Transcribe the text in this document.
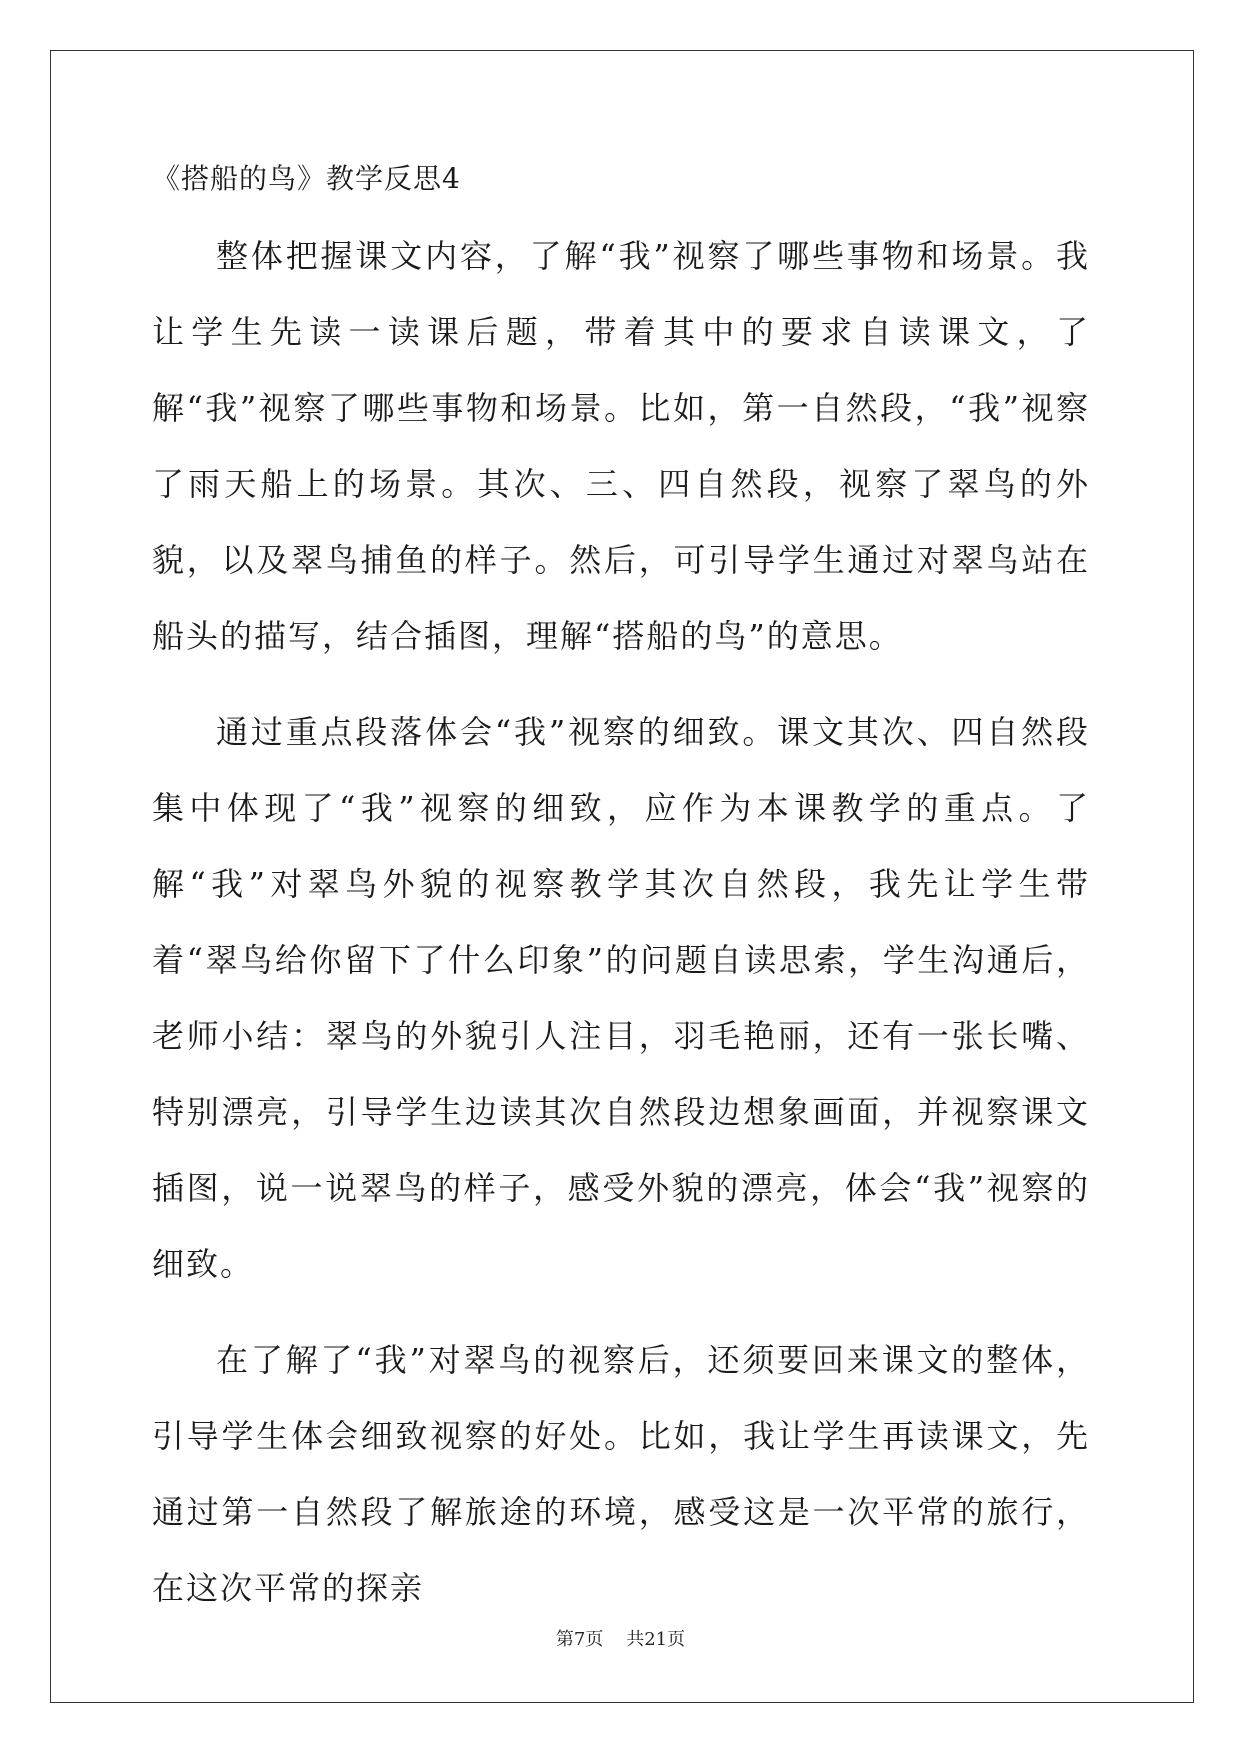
《搭船的鸟》教学反思4

整体把握课文内容，了解“我”视察了哪些事物和场景。我让学生先读一读课后题，带着其中的要求自读课文，了解“我”视察了哪些事物和场景。比如，第一自然段，“我”视察了雨天船上的场景。其次、三、四自然段，视察了翠鸟的外貌，以及翠鸟捕鱼的样子。然后，可引导学生通过对翠鸟站在船头的描写，结合插图，理解“搭船的鸟”的意思。

通过重点段落体会“我”视察的细致。课文其次、四自然段集中体现了“我”视察的细致，应作为本课教学的重点。了解“我”对翠鸟外貌的视察教学其次自然段，我先让学生带着“翠鸟给你留下了什么印象”的问题自读思索，学生沟通后，老师小结：翠鸟的外貌引人注目，羽毛艳丽，还有一张长嘴、特别漂亮，引导学生边读其次自然段边想象画面，并视察课文插图，说一说翠鸟的样子，感受外貌的漂亮，体会“我”视察的细致。

在了解了“我”对翠鸟的视察后，还须要回来课文的整体，引导学生体会细致视察的好处。比如，我让学生再读课文，先通过第一自然段了解旅途的环境，感受这是一次平常的旅行，在这次平常的探亲

第7页 共21页
